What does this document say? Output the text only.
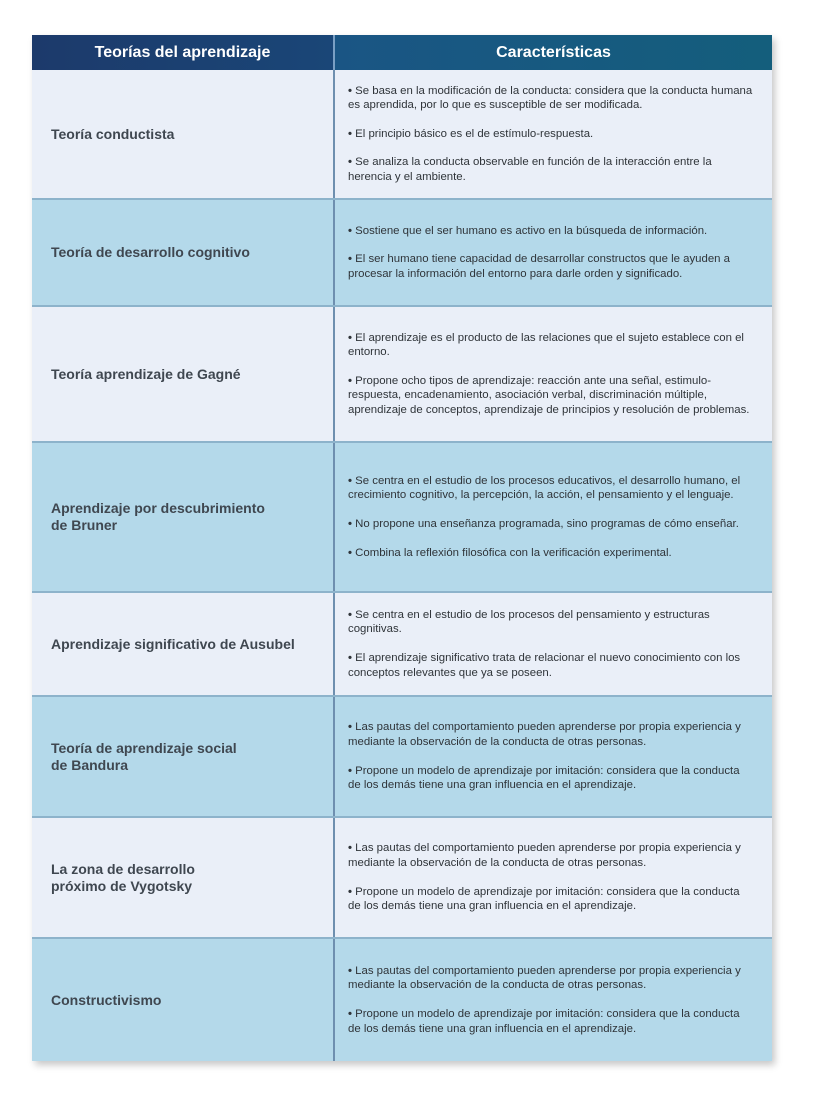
Teorías del aprendizaje	Características
Teoría conductista

• Se basa en la modificación de la conducta: considera que la conducta humana es aprendida, por lo que es susceptible de ser modificada.

• El principio básico es el de estímulo-respuesta.

• Se analiza la conducta observable en función de la interacción entre la herencia y el ambiente.

Teoría de desarrollo cognitivo

• Sostiene que el ser humano es activo en la búsqueda de información.

• El ser humano tiene capacidad de desarrollar constructos que le ayuden a procesar la información del entorno para darle orden y significado.

Teoría aprendizaje de Gagné

• El aprendizaje es el producto de las relaciones que el sujeto establece con el entorno.

• Propone ocho tipos de aprendizaje: reacción ante una señal, estimulo-respuesta, encadenamiento, asociación verbal, discriminación múltiple, aprendizaje de conceptos, aprendizaje de principios y resolución de problemas.

Aprendizaje por descubrimiento
de Bruner

• Se centra en el estudio de los procesos educativos, el desarrollo humano, el crecimiento cognitivo, la percepción, la acción, el pensamiento y el lenguaje.

• No propone una enseñanza programada, sino programas de cómo enseñar.

• Combina la reflexión filosófica con la verificación experimental.

Aprendizaje significativo de Ausubel

• Se centra en el estudio de los procesos del pensamiento y estructuras cognitivas.

• El aprendizaje significativo trata de relacionar el nuevo conocimiento con los conceptos relevantes que ya se poseen.

Teoría de aprendizaje social
de Bandura

• Las pautas del comportamiento pueden aprenderse por propia experiencia y mediante la observación de la conducta de otras personas.

• Propone un modelo de aprendizaje por imitación: considera que la conducta de los demás tiene una gran influencia en el aprendizaje.

La zona de desarrollo
próximo de Vygotsky

• Las pautas del comportamiento pueden aprenderse por propia experiencia y mediante la observación de la conducta de otras personas.

• Propone un modelo de aprendizaje por imitación: considera que la conducta de los demás tiene una gran influencia en el aprendizaje.

Constructivismo

• Las pautas del comportamiento pueden aprenderse por propia experiencia y mediante la observación de la conducta de otras personas.

• Propone un modelo de aprendizaje por imitación: considera que la conducta de los demás tiene una gran influencia en el aprendizaje.
